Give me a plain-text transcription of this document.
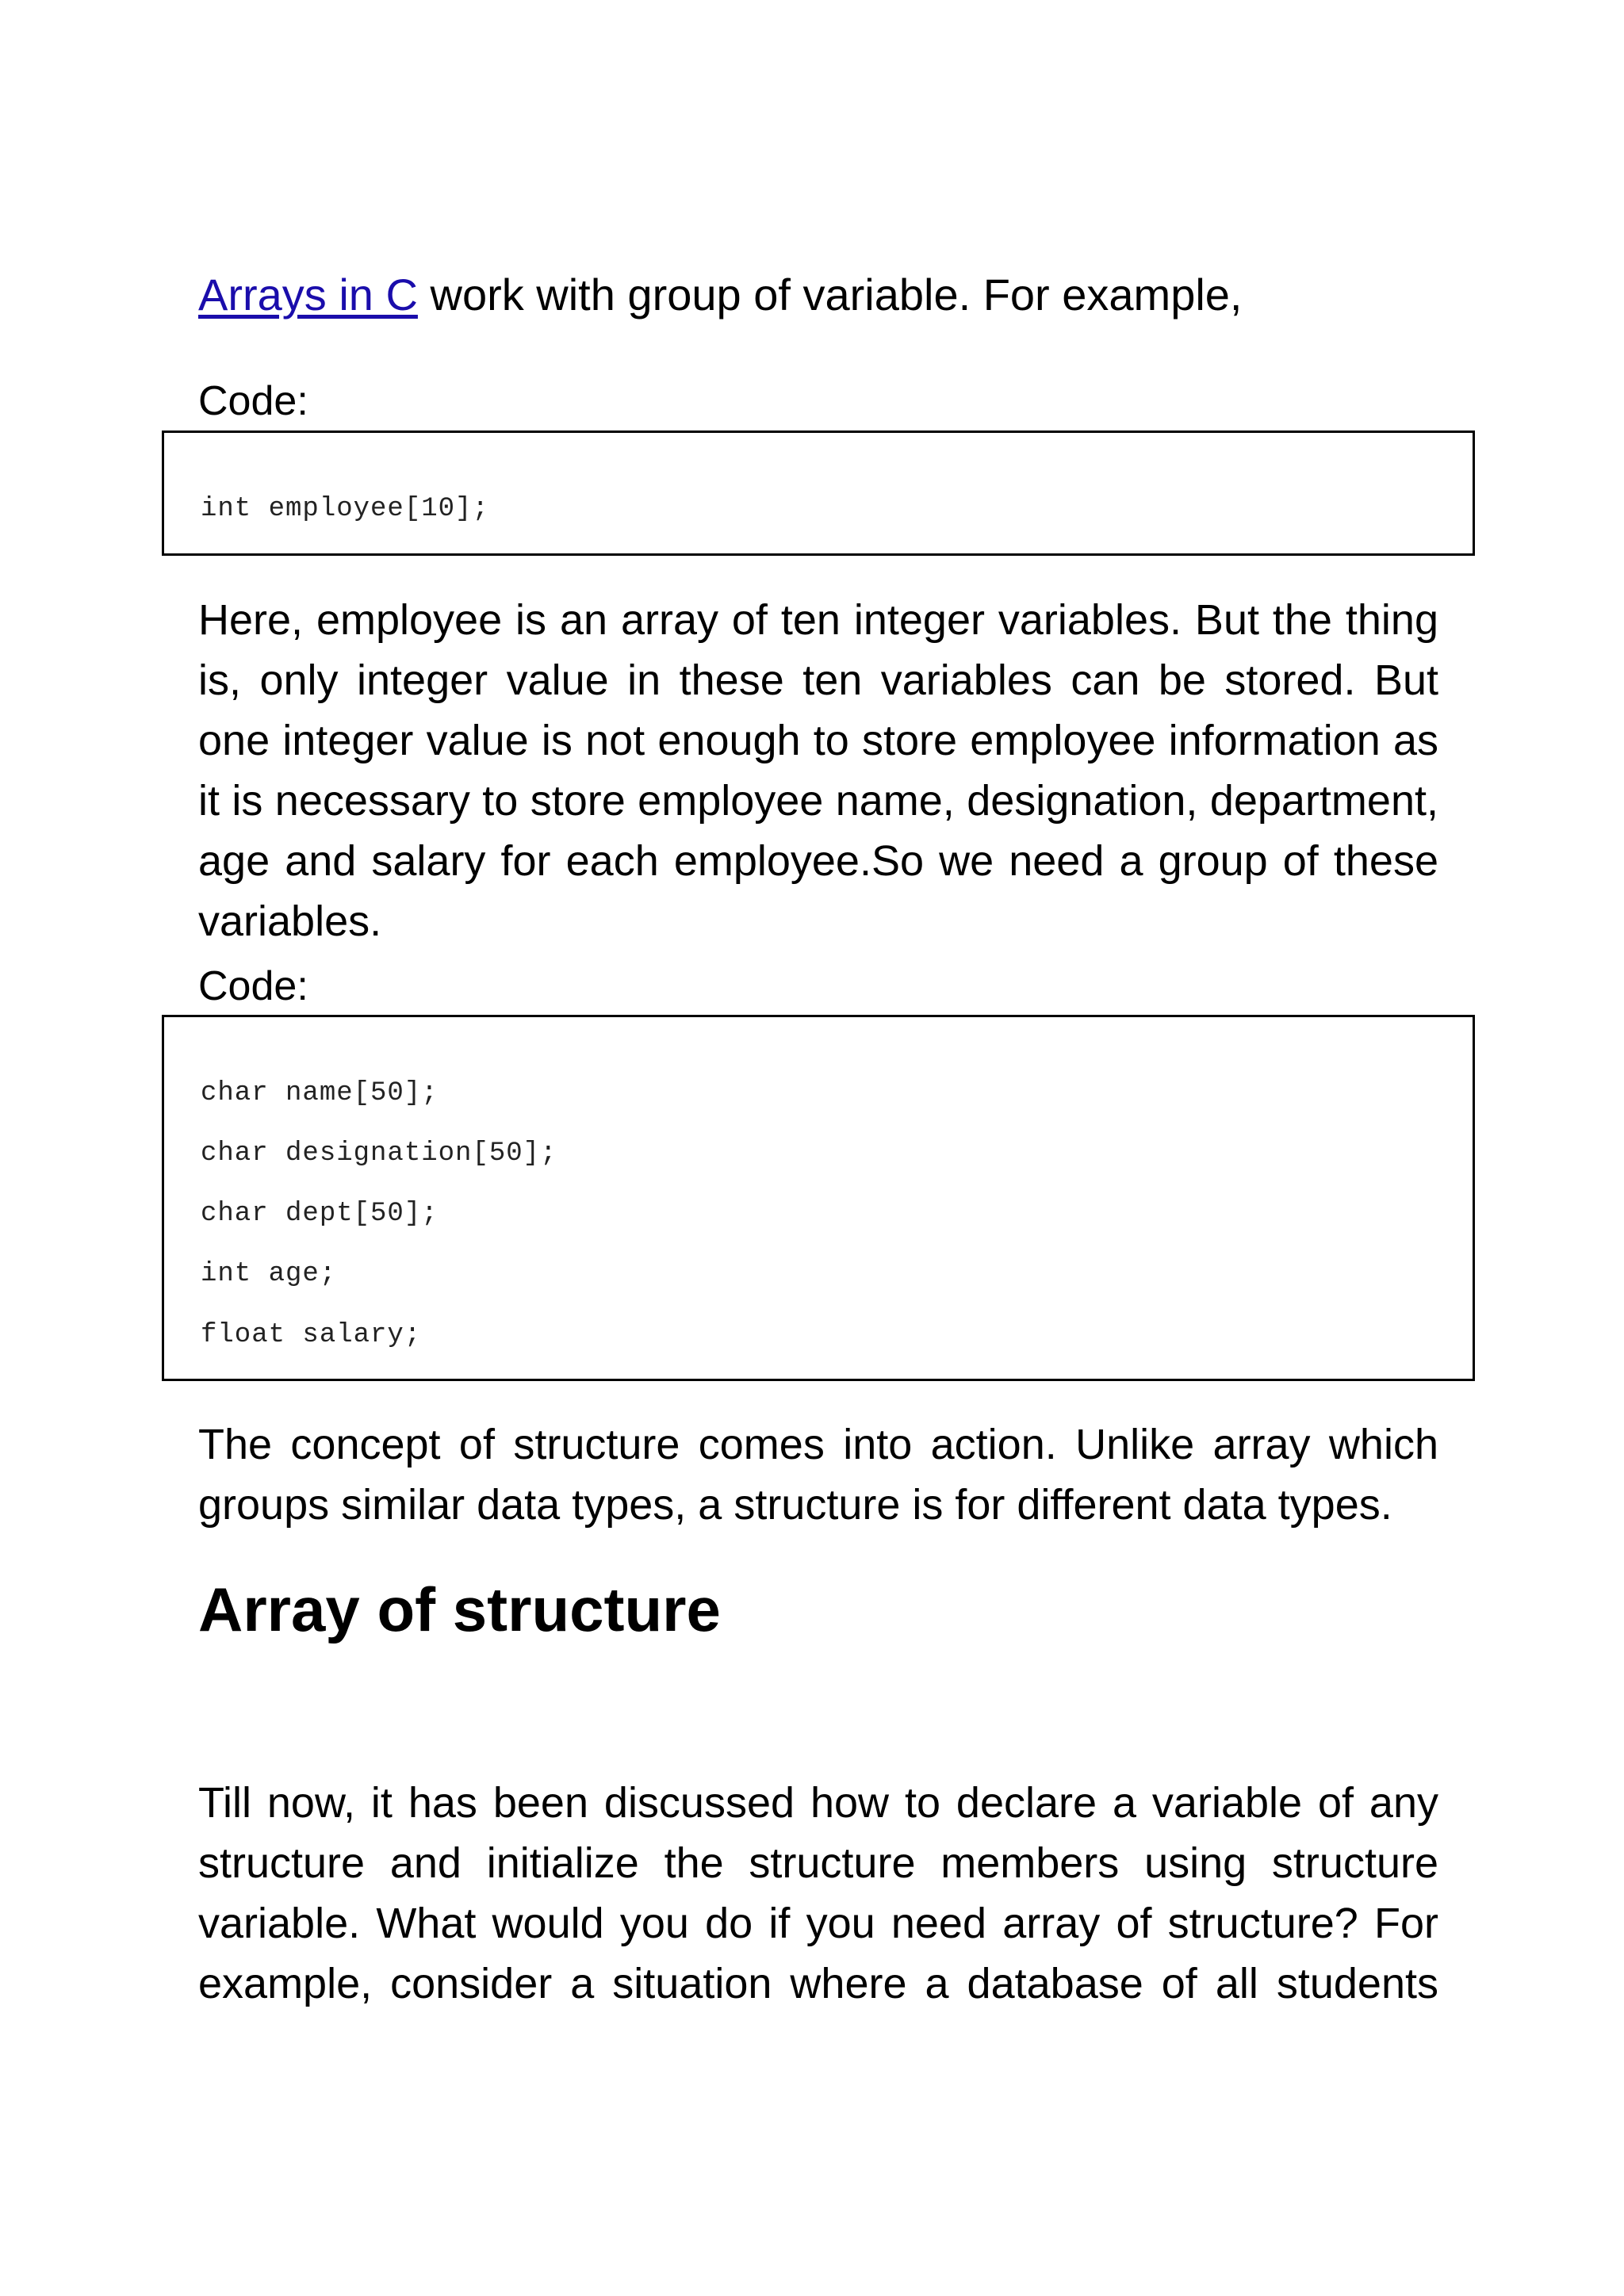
Arrays in C work with group of variable. For example,
Code:
int employee[10];
Here, employee is an array of ten integer variables. But the thing is, only integer value in these ten variables can be stored. But one integer value is not enough to store employee information as it is necessary to store employee name, designation, department, age and salary for each employee.So we need a group of these variables.
Code:
char name[50];
char designation[50];
char dept[50];
int age;
float salary;
The concept of structure comes into action. Unlike array which groups similar data types, a structure is for different data types.
Array of structure
Till now, it has been discussed how to declare a variable of any structure and initialize the structure members using structure variable. What would you do if you need array of structure? For example, consider a situation where a database of all students
